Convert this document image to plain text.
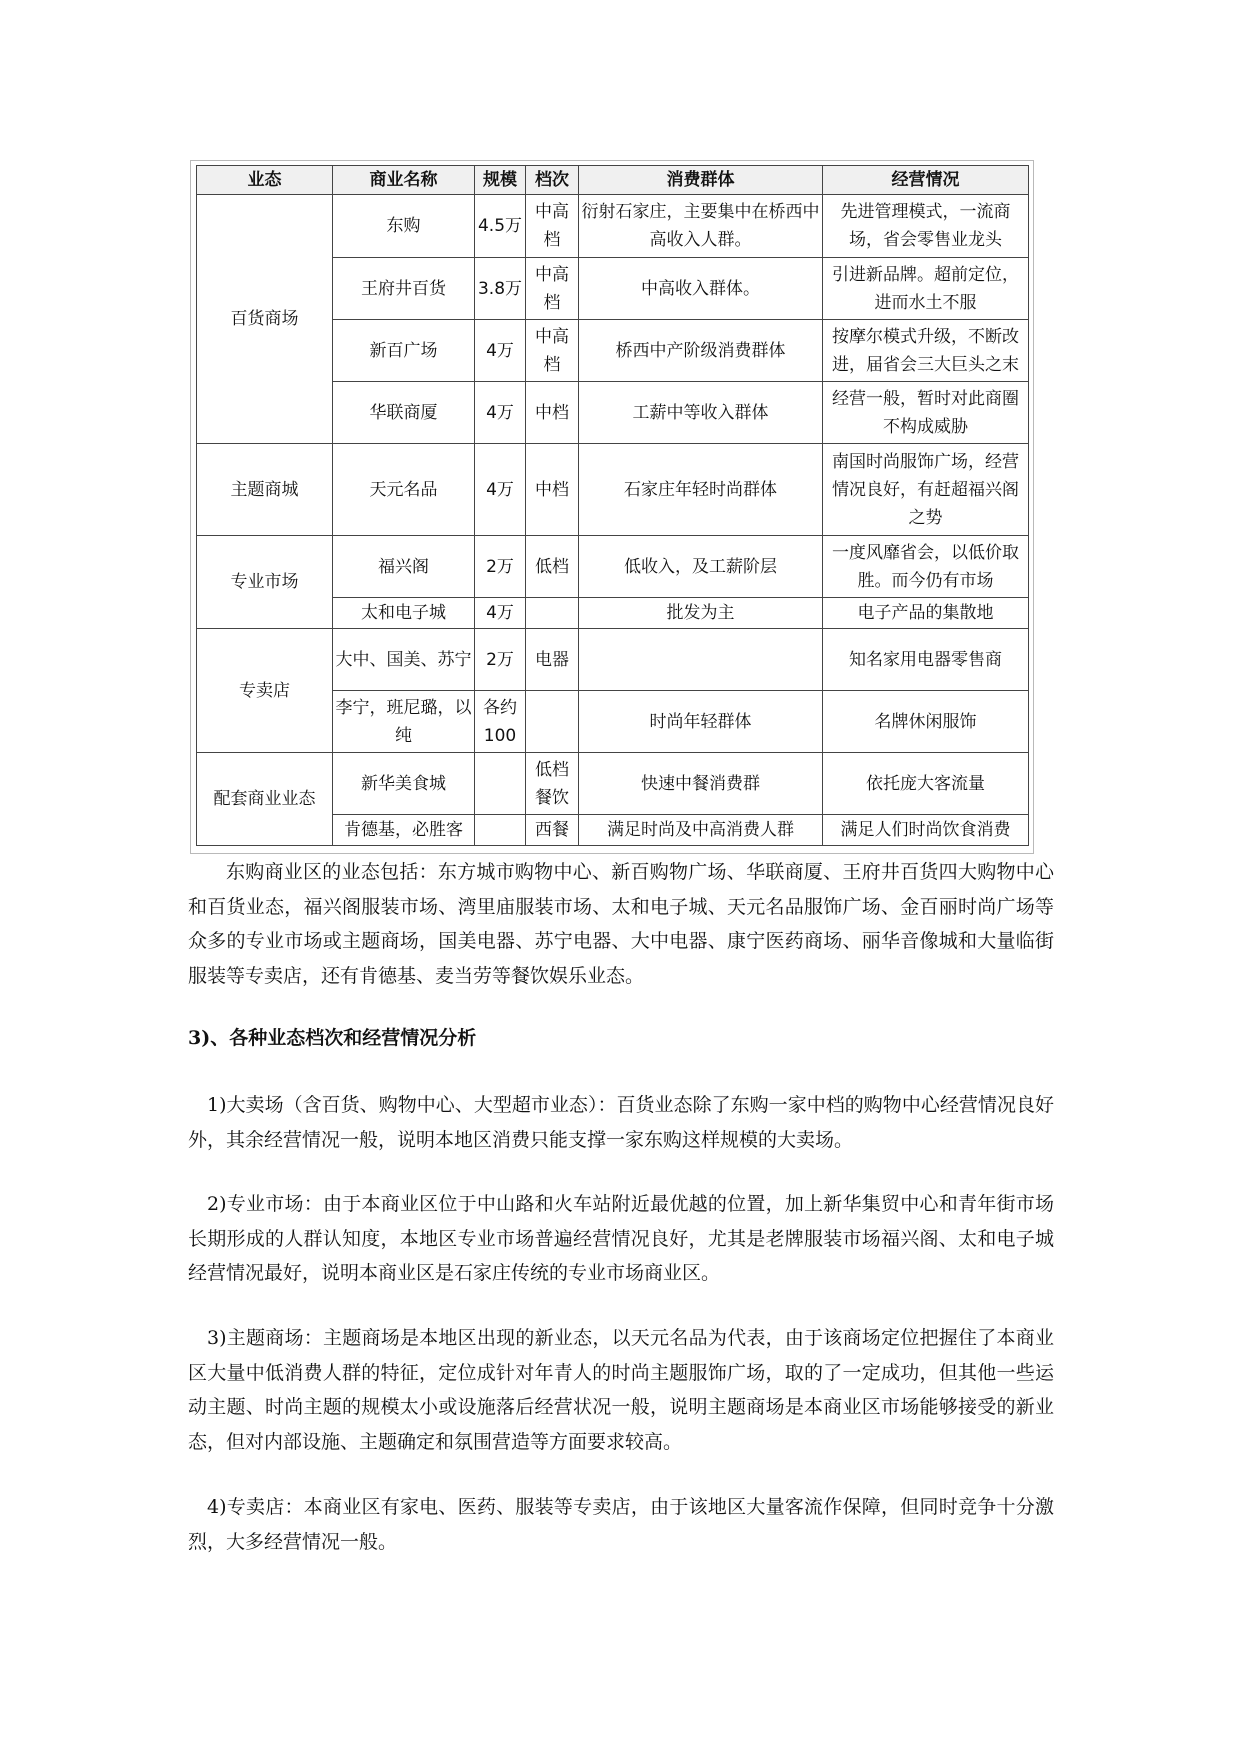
业态	商业名称	规模	档次	消费群体	经营情况
百货商场	东购	4.5万	中高档	衍射石家庄，主要集中在桥西中高收入人群。	先进管理模式，一流商场，省会零售业龙头
	王府井百货	3.8万	中高档	中高收入群体。	引进新品牌。超前定位，进而水土不服
	新百广场	4万	中高档	桥西中产阶级消费群体	按摩尔模式升级，不断改进，届省会三大巨头之末
	华联商厦	4万	中档	工薪中等收入群体	经营一般，暂时对此商圈不构成威胁
主题商城	天元名品	4万	中档	石家庄年轻时尚群体	南国时尚服饰广场，经营情况良好，有赶超福兴阁之势
专业市场	福兴阁	2万	低档	低收入，及工薪阶层	一度风靡省会，以低价取胜。而今仍有市场
	太和电子城	4万		批发为主	电子产品的集散地
专卖店	大中、国美、苏宁	2万	电器		知名家用电器零售商
	李宁，班尼璐，以纯	各约100		时尚年轻群体	名牌休闲服饰
配套商业业态	新华美食城		低档餐饮	快速中餐消费群	依托庞大客流量
	肯德基，必胜客		西餐	满足时尚及中高消费人群	满足人们时尚饮食消费

东购商业区的业态包括：东方城市购物中心、新百购物广场、华联商厦、王府井百货四大购物中心和百货业态，福兴阁服装市场、湾里庙服装市场、太和电子城、天元名品服饰广场、金百丽时尚广场等众多的专业市场或主题商场，国美电器、苏宁电器、大中电器、康宁医药商场、丽华音像城和大量临街服装等专卖店，还有肯德基、麦当劳等餐饮娱乐业态。

3)、各种业态档次和经营情况分析

1)大卖场（含百货、购物中心、大型超市业态）：百货业态除了东购一家中档的购物中心经营情况良好外，其余经营情况一般，说明本地区消费只能支撑一家东购这样规模的大卖场。

2)专业市场：由于本商业区位于中山路和火车站附近最优越的位置，加上新华集贸中心和青年街市场长期形成的人群认知度，本地区专业市场普遍经营情况良好，尤其是老牌服装市场福兴阁、太和电子城经营情况最好，说明本商业区是石家庄传统的专业市场商业区。

3)主题商场：主题商场是本地区出现的新业态，以天元名品为代表，由于该商场定位把握住了本商业区大量中低消费人群的特征，定位成针对年青人的时尚主题服饰广场，取的了一定成功，但其他一些运动主题、时尚主题的规模太小或设施落后经营状况一般，说明主题商场是本商业区市场能够接受的新业态，但对内部设施、主题确定和氛围营造等方面要求较高。

4)专卖店：本商业区有家电、医药、服装等专卖店，由于该地区大量客流作保障，但同时竞争十分激烈，大多经营情况一般。
